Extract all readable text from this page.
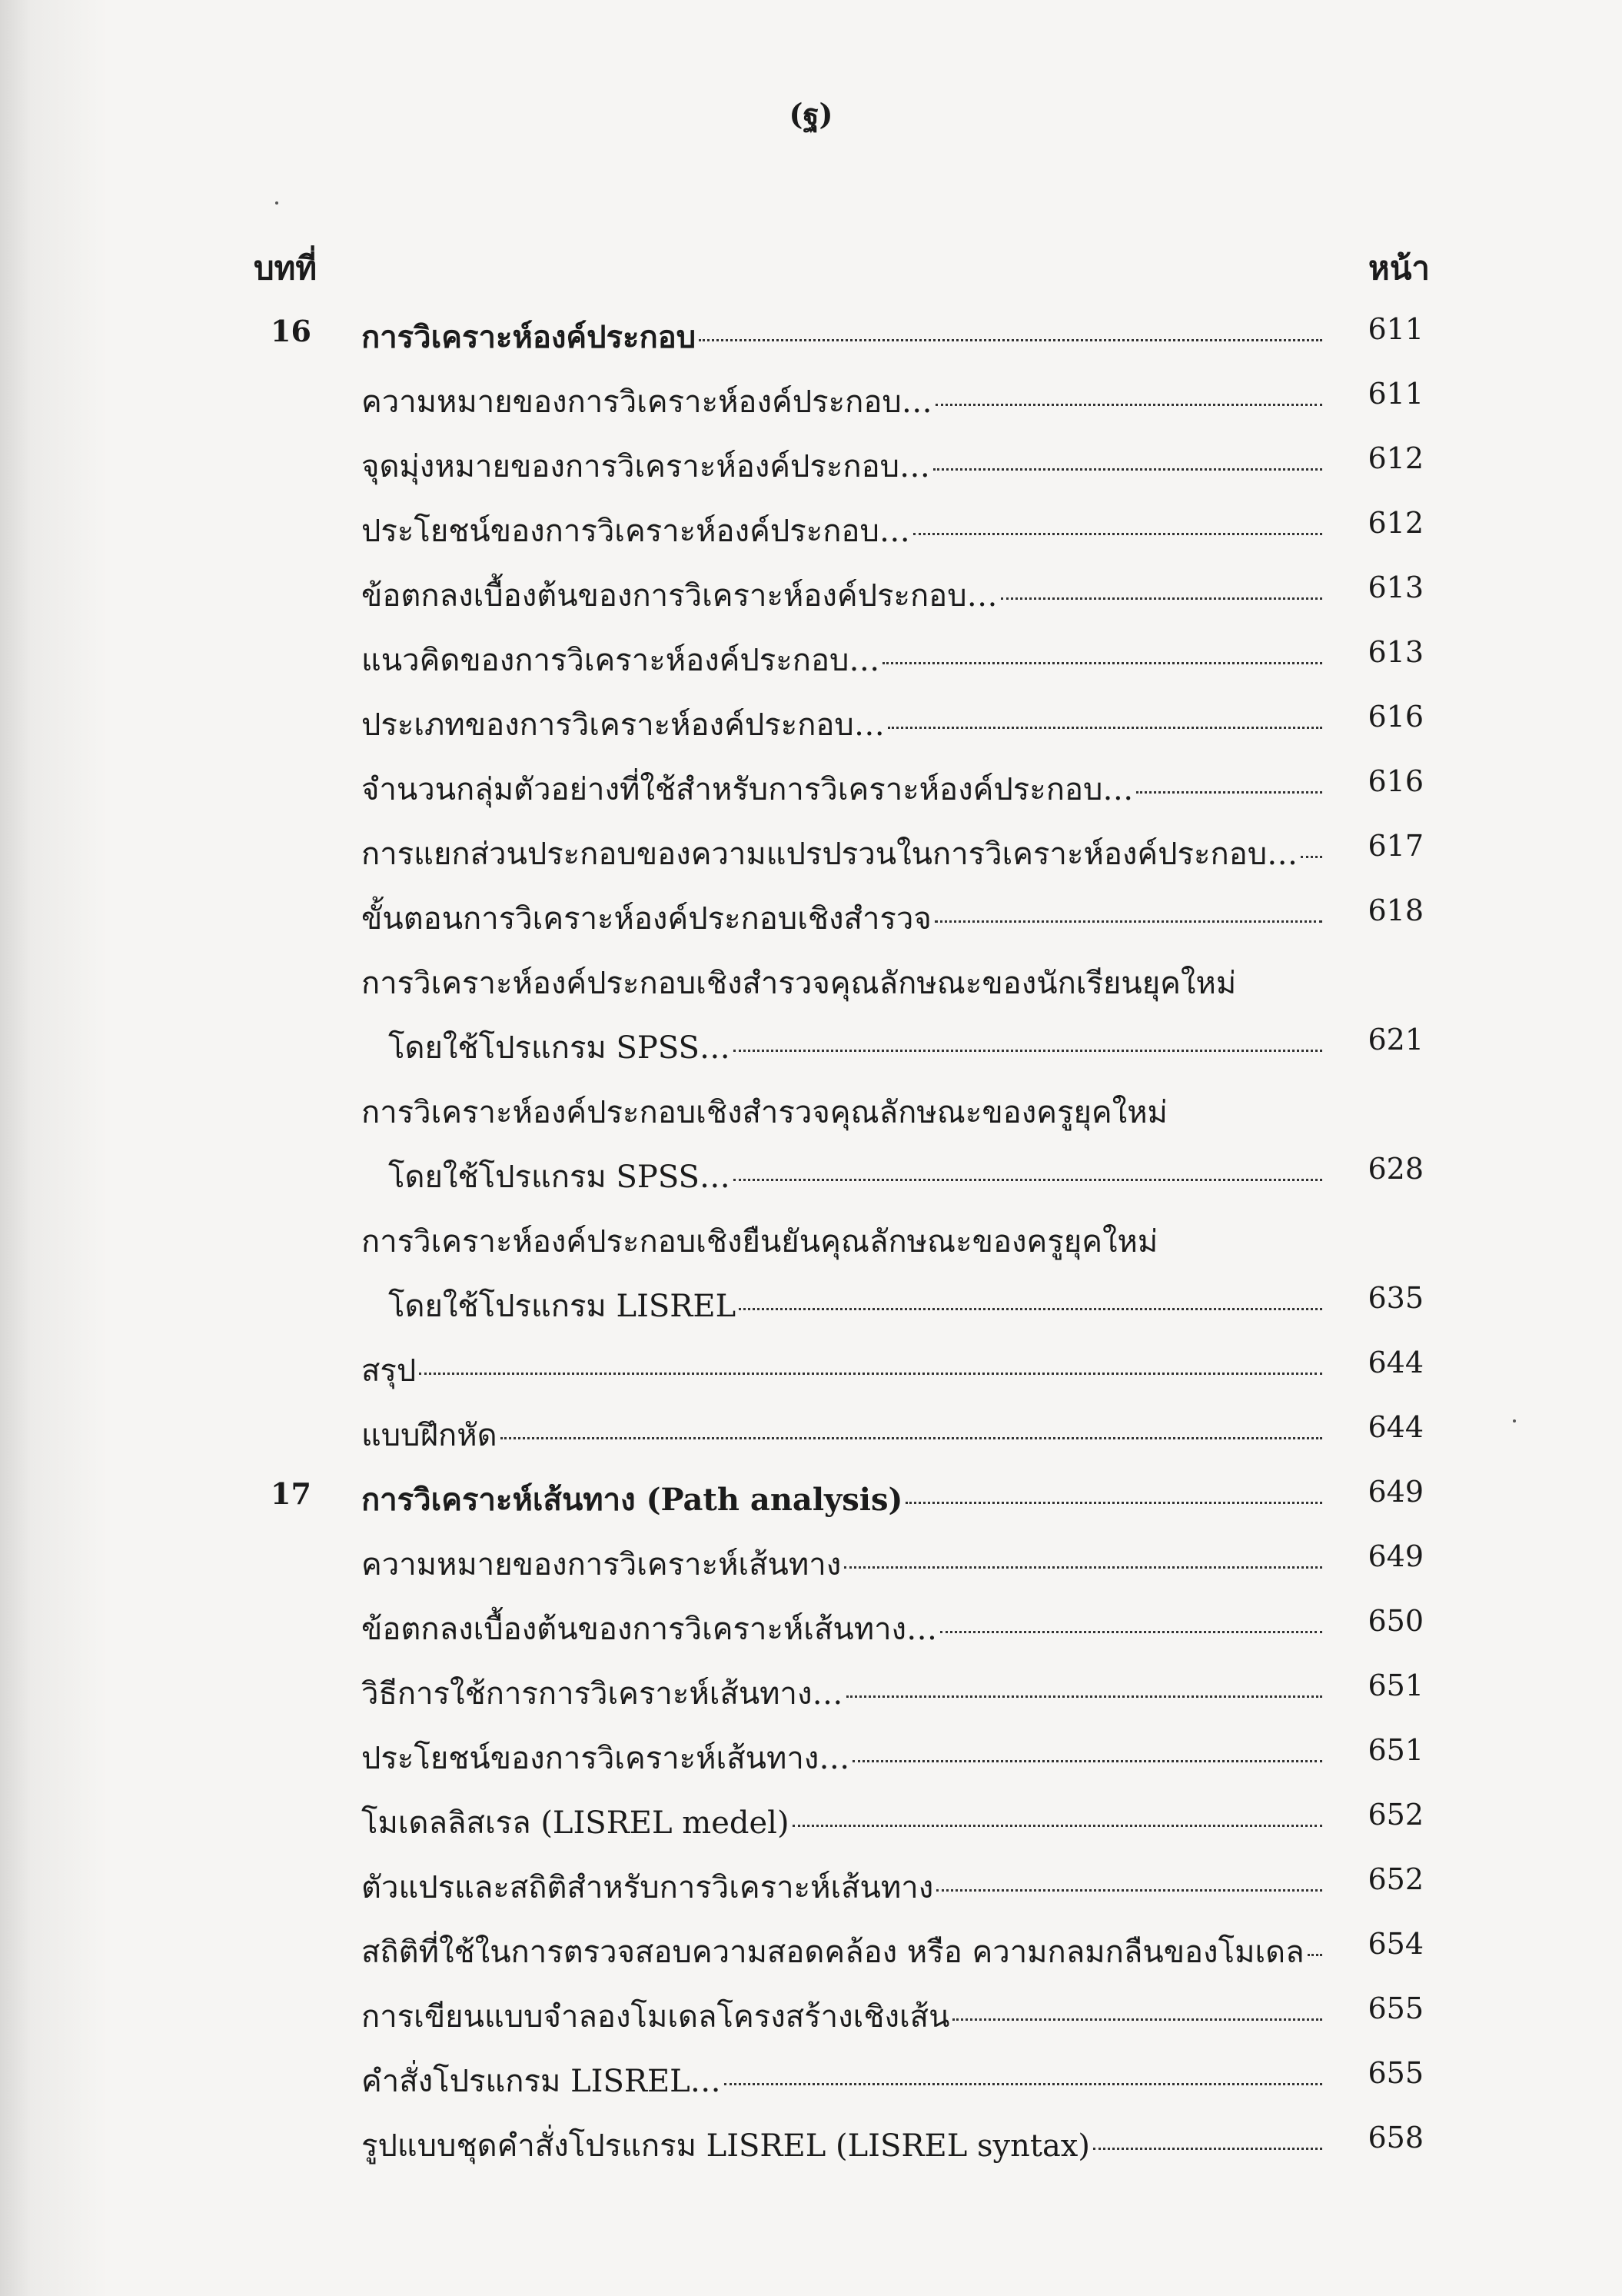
(ฐ)
บทที่	หน้า
16 การวิเคราะห์องค์ประกอบ	611
ความหมายของการวิเคราะห์องค์ประกอบ…	611
จุดมุ่งหมายของการวิเคราะห์องค์ประกอบ…	612
ประโยชน์ของการวิเคราะห์องค์ประกอบ…	612
ข้อตกลงเบื้องต้นของการวิเคราะห์องค์ประกอบ…	613
แนวคิดของการวิเคราะห์องค์ประกอบ…	613
ประเภทของการวิเคราะห์องค์ประกอบ…	616
จำนวนกลุ่มตัวอย่างที่ใช้สำหรับการวิเคราะห์องค์ประกอบ…	616
การแยกส่วนประกอบของความแปรปรวนในการวิเคราะห์องค์ประกอบ… 617
ขั้นตอนการวิเคราะห์องค์ประกอบเชิงสำรวจ	618
การวิเคราะห์องค์ประกอบเชิงสำรวจคุณลักษณะของนักเรียนยุคใหม่
โดยใช้โปรแกรม SPSS…	621
การวิเคราะห์องค์ประกอบเชิงสำรวจคุณลักษณะของครูยุคใหม่
โดยใช้โปรแกรม SPSS…	628
การวิเคราะห์องค์ประกอบเชิงยืนยันคุณลักษณะของครูยุคใหม่
โดยใช้โปรแกรม LISREL	635
สรุป	644
แบบฝึกหัด	644
17 การวิเคราะห์เส้นทาง (Path analysis)	649
ความหมายของการวิเคราะห์เส้นทาง	649
ข้อตกลงเบื้องต้นของการวิเคราะห์เส้นทาง…	650
วิธีการใช้การการวิเคราะห์เส้นทาง…	651
ประโยชน์ของการวิเคราะห์เส้นทาง…	651
โมเดลลิสเรล (LISREL medel)	652
ตัวแปรและสถิติสำหรับการวิเคราะห์เส้นทาง	652
สถิติที่ใช้ในการตรวจสอบความสอดคล้อง หรือ ความกลมกลืนของโมเดล 654
การเขียนแบบจำลองโมเดลโครงสร้างเชิงเส้น	655
คำสั่งโปรแกรม LISREL…	655
รูปแบบชุดคำสั่งโปรแกรม LISREL (LISREL syntax)	658
